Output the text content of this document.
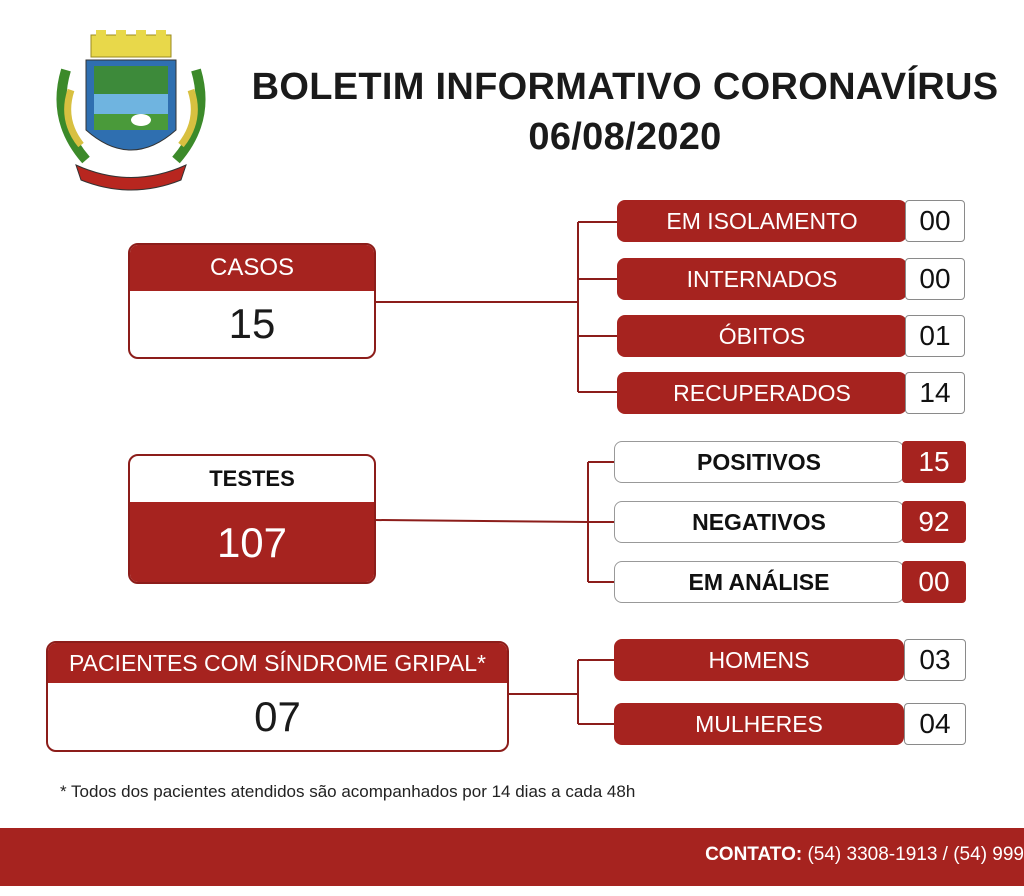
BOLETIM INFORMATIVO CORONAVÍRUS
06/08/2020
CASOS
15
EM ISOLAMENTO	00
INTERNADOS	00
ÓBITOS	01
RECUPERADOS	14
TESTES
107
POSITIVOS	15
NEGATIVOS	92
EM ANÁLISE	00
PACIENTES COM SÍNDROME GRIPAL*
07
HOMENS	03
MULHERES	04
* Todos dos pacientes atendidos são acompanhados por 14 dias a cada 48h
CONTATO: (54) 3308-1913 / (54) 999
